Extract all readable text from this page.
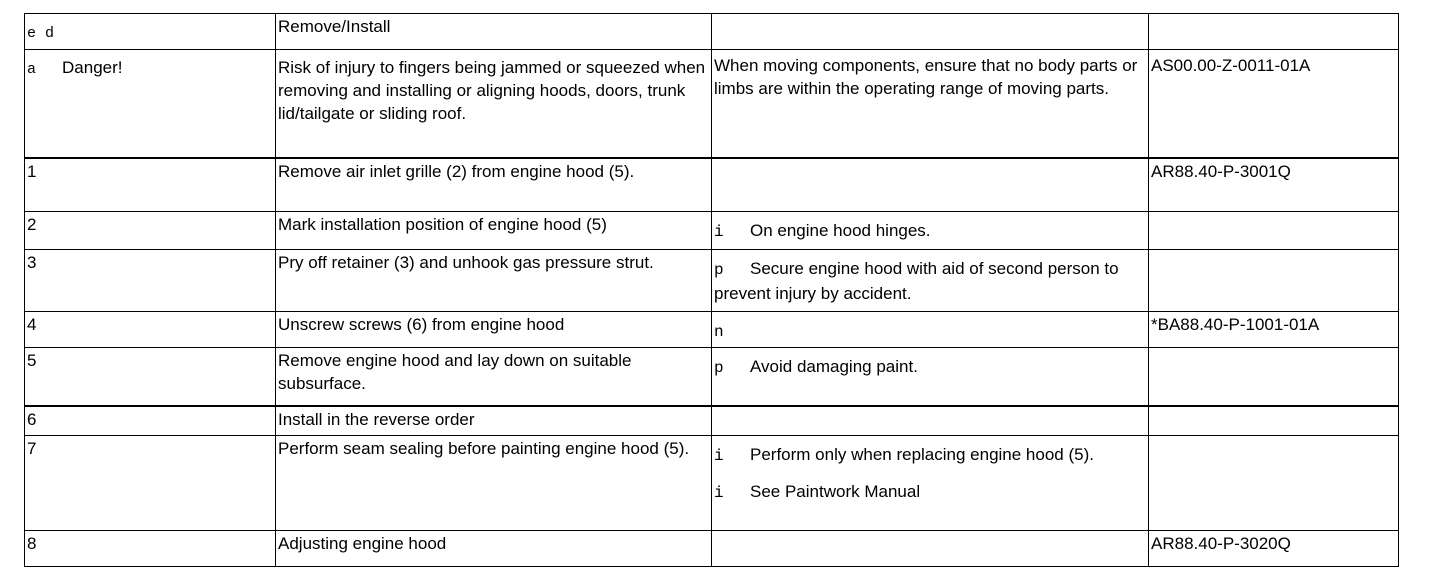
e d	Remove/Install		
a Danger!	Risk of injury to fingers being jammed or squeezed when removing and installing or aligning hoods, doors, trunk lid/tailgate or sliding roof.	When moving components, ensure that no body parts or limbs are within the operating range of moving parts.	AS00.00-Z-0011-01A
1	Remove air inlet grille (2) from engine hood (5).		AR88.40-P-3001Q
2	Mark installation position of engine hood (5)	i On engine hood hinges.	

3	Pry off retainer (3) and unhook gas pressure strut.	p Secure engine hood with aid of second person to prevent injury by accident.	

4	Unscrew screws (6) from engine hood	n	*BA88.40-P-1001-01A
5	Remove engine hood and lay down on suitable subsurface.	p Avoid damaging paint.	

6	Install in the reverse order		
7	Perform seam sealing before painting engine hood (5).	i Perform only when replacing engine hood (5).
i See Paintwork Manual	

8	Adjusting engine hood		AR88.40-P-3020Q
